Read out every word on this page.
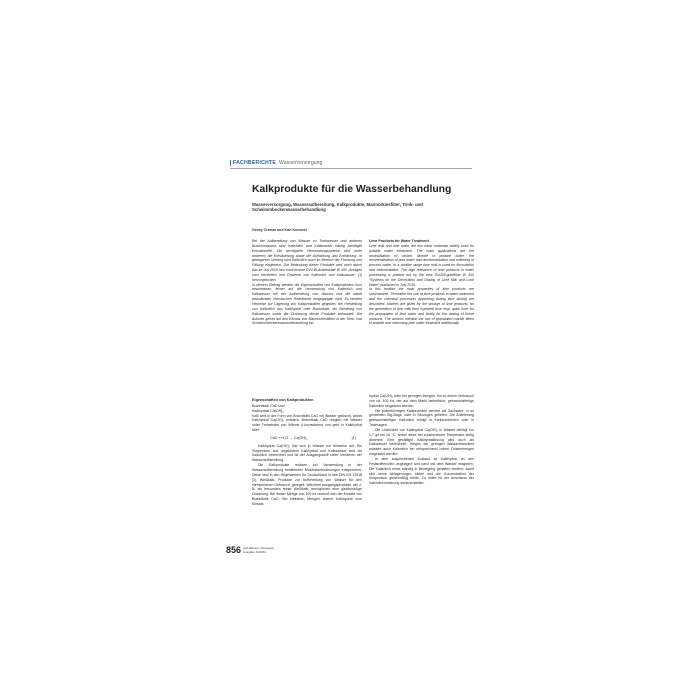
FACHBERICHTE Wasserversorgung
Kalkprodukte für die Wasserbehandlung
Wasserversorgung, Wasseraufbereitung, Kalkprodukte, Marmorkiesfilter, Trink- und Schwimmbeckenwasserbehandlung
Georg Cramm und Karl Kummel

Bei der Aufbereitung von Wasser zu Trinkwasser und anderen Brauchwassern sind Kalkmilch und Kalkwasser häufig benötigte Einsatzstoffe. Die wichtigsten Verwendungszwecke sind unter anderem die Entsäuerung sowie die Aufhärtung und Enthärtung. In geringerem Umfang wird Kalkmilch auch im Bereich der Flockung und Fällung eingesetzt. Die Bedeutung dieser Produkte wird auch durch das im Juli 2010 neu erschienene DVGW-Arbeitsblatt W 400 „Anlagen zum Herstellen und Dosieren von Kalkmilch und Kalkwasser“ [1] hervorgehoben.

In diesem Beitrag werden die Eigenschaften von Kalkprodukten kurz beschrieben, ferner auf die Verwendung von Kalkmilch und Kalkwasser bei der Aufbereitung von Wasser und die dabei ablaufenden chemischen Reaktionen eingegangen wird. Es werden Hinweise zur Lagerung von Kalkprodukten gegeben, die Herstellung von Kalkmilch aus Kalkhydrat oder Branntkalk, die Bereitung von Kalkwasser sowie die Dosierung dieser Produkte behandelt. Die Autoren gehen auf den Einsatz von Marmorkiesfiltern in der Trink- und Schwimmbeckenwasserbehandlung ein.

Lime Products for Water Treatment

Lime milk and lime water are two basic materials widely used for potable water treatment. The main applications are the neutralisation of carbon dioxide in potable water, the remineralisation of pool water and demineralisation and softening of process water. In a smaller range lime milk is used for flocculation and sedimentation. The high relevance of lime products in water processing is pointed out by the new DVGW-guideline W 400 “Systems for the Generation and Dosing of Lime Milk and Lime Water” published in July 2010.

In this treatise the main properties of lime products are summarised. Thereafter the use of lime products in water treatment and the chemical processes appearing during lime dosing are described. Advices are given for the storage of lime products, for the generation of lime milk from hydrated lime resp. quick lime, for the preparation of lime water and finally for the dosing of these products. The authors mention the use of granulated marble filters in potable and swimming pool water treatment additionally.

Eigenschaften von Kalkprodukten
Branntkalk CaO und
Kalkhydrat Ca(OH)₂

Kalk wird in der Form von Branntkalk CaO mit Wasser gelöscht, wobei Kalkhydrat Ca(OH)₂ entsteht. Branntkalk CaO reagiert mit Wasser unter Freiwerden von Wärme (Löschwärme) und geht in Kalkhydrat über:

CaO + H₂O → Ca(OH)₂	(1)

Kalkhydrat Ca(OH)₂ löst sich in Wasser nur teilweise auf. Die Suspension aus ungelöstem Kalkhydrat und Kalkwasser wird als Kalkmilch bezeichnet und ist der Ausgangsstoff vieler Verfahren der Wasseraufbereitung.

Die Kalkprodukte müssen bei Verwendung in der Wasseraufbereitung bestimmten Mindestanforderungen entsprechen. Diese sind in den Regelwerken für Deutschland in den DIN EN 12518 [1], Weißkalk, Produkte zur Aufbereitung von Wasser für den menschlichen Gebrauch, geregelt. Weichere Ausgangsprodukte, wie z. B. ein besonders reiner Weißkalk, ermöglichen eine gleichmäßige Dosierung. Bei dieser Menge von 100 t/a rechnet sich der Einsatz von Branntkalk CaO. Bei kleineren Mengen kommt Kalkhydrat zum Einsatz.

hydrat Ca(OH)₂ oder bei geringen Mengen, bis zu einem Verbrauch von ca. 100 t/a, der auf dem Markt befindliche, gebrauchsfertige Kalkmilch eingesetzt werden.

Die pulverförmigen Kalkprodukte werden als Sackware, in so genannten Big-Bags, oder in Silozügen geliefert. Die Anlieferung gebrauchsfertiger Kalkmilch erfolgt in Kleincontainern oder in Tankwagen.

Die Löslichkeit von Kalkhydrat Ca(OH)₂ in Wasser beträgt nur 1,7 g/l bei 20 °C, wobei diese bei zunehmender Temperatur stetig abnimmt. Eine gesättigte Kalkhydratlösung wird auch als Kalkwasser bezeichnet. Wegen der geringen Wasserlöslichkeit müssen auch Kalkmilch bei entsprechend hohen Dosiermengen eingesetzt werden.

In dem suspendierten Zustand ist Kalkhydrat an den Feststoffteilchen angelagert und kann mit dem Wasser reagieren. Die Kalkmilch muss ständig in Bewegung gehalten werden, damit sich keine Ablagerungen bilden und die Konzentration der Suspension gleichmäßig bleibt. Zu rollen ist der Anschluss der Kalkmilchdosierung sicherzustellen.

856 gwf-Wasser | Abwasser
Ausgabe 11/2010
